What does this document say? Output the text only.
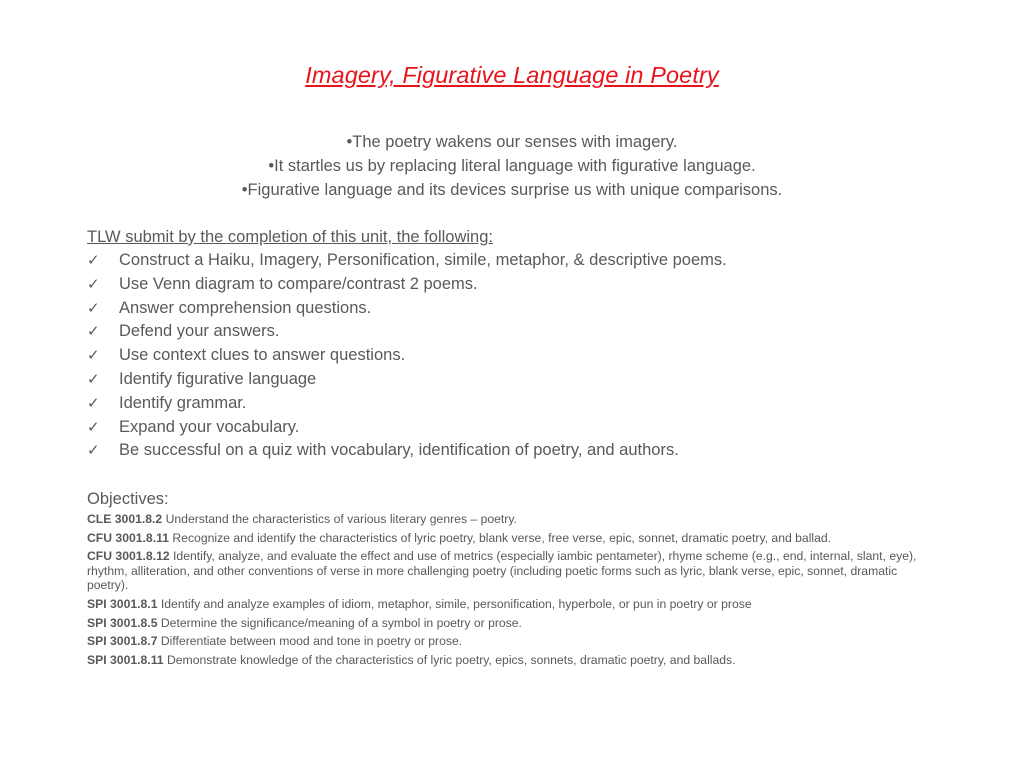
Imagery, Figurative Language in Poetry
•The poetry wakens our senses with imagery.
•It startles us by replacing literal language with figurative language.
•Figurative language and its devices surprise us with unique comparisons.
TLW submit by the completion of this unit, the following:
✓	Construct a Haiku, Imagery, Personification, simile, metaphor, & descriptive poems.
✓	Use Venn diagram to compare/contrast 2 poems.
✓	Answer comprehension questions.
✓	Defend your answers.
✓	Use context clues to answer questions.
✓	Identify figurative language
✓	Identify grammar.
✓	Expand your vocabulary.
✓	Be successful on a quiz with vocabulary, identification of poetry, and authors.
Objectives:
CLE 3001.8.2 Understand the characteristics of various literary genres – poetry.
CFU 3001.8.11 Recognize and identify the characteristics of lyric poetry, blank verse, free verse, epic, sonnet, dramatic poetry, and ballad.
CFU 3001.8.12 Identify, analyze, and evaluate the effect and use of metrics (especially iambic pentameter), rhyme scheme (e.g., end, internal, slant, eye), rhythm, alliteration, and other conventions of verse in more challenging poetry (including poetic forms such as lyric, blank verse, epic, sonnet, dramatic poetry).
SPI 3001.8.1 Identify and analyze examples of idiom, metaphor, simile, personification, hyperbole, or pun in poetry or prose
SPI 3001.8.5 Determine the significance/meaning of a symbol in poetry or prose.
SPI 3001.8.7 Differentiate between mood and tone in poetry or prose.
SPI 3001.8.11 Demonstrate knowledge of the characteristics of lyric poetry, epics, sonnets, dramatic poetry, and ballads.
